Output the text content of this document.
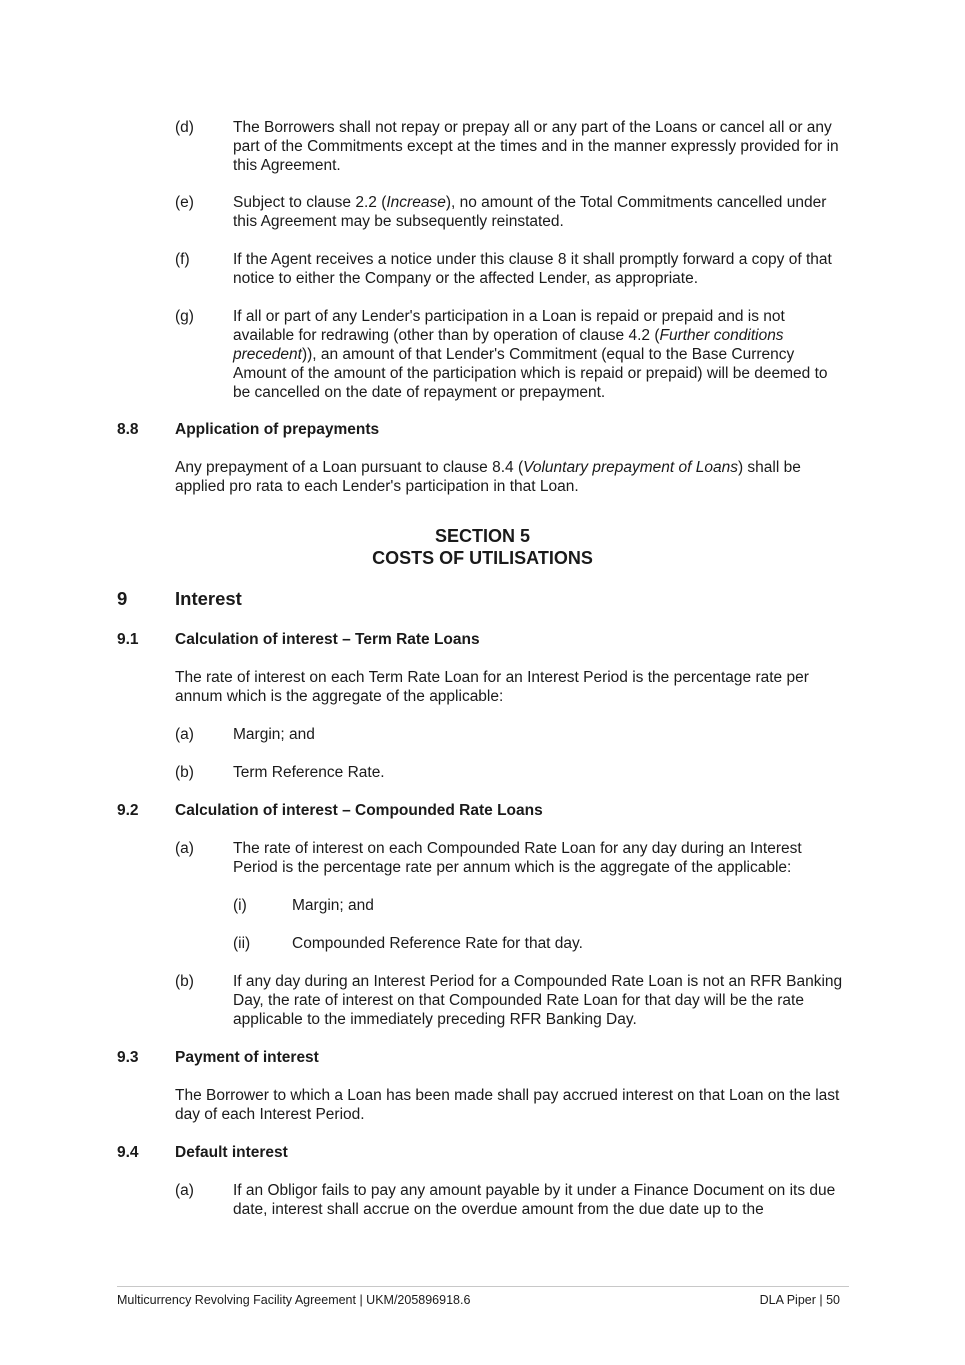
(d)	The Borrowers shall not repay or prepay all or any part of the Loans or cancel all or any part of the Commitments except at the times and in the manner expressly provided for in this Agreement.
(e)	Subject to clause 2.2 (Increase), no amount of the Total Commitments cancelled under this Agreement may be subsequently reinstated.
(f)	If the Agent receives a notice under this clause 8 it shall promptly forward a copy of that notice to either the Company or the affected Lender, as appropriate.
(g)	If all or part of any Lender's participation in a Loan is repaid or prepaid and is not available for redrawing (other than by operation of clause 4.2 (Further conditions precedent)), an amount of that Lender's Commitment (equal to the Base Currency Amount of the amount of the participation which is repaid or prepaid) will be deemed to be cancelled on the date of repayment or prepayment.
8.8 Application of prepayments
Any prepayment of a Loan pursuant to clause 8.4 (Voluntary prepayment of Loans) shall be applied pro rata to each Lender's participation in that Loan.
SECTION 5
COSTS OF UTILISATIONS
9	Interest
9.1 Calculation of interest – Term Rate Loans
The rate of interest on each Term Rate Loan for an Interest Period is the percentage rate per annum which is the aggregate of the applicable:
(a)	Margin; and
(b)	Term Reference Rate.
9.2 Calculation of interest – Compounded Rate Loans
(a)	The rate of interest on each Compounded Rate Loan for any day during an Interest Period is the percentage rate per annum which is the aggregate of the applicable:
(i)	Margin; and
(ii)	Compounded Reference Rate for that day.
(b)	If any day during an Interest Period for a Compounded Rate Loan is not an RFR Banking Day, the rate of interest on that Compounded Rate Loan for that day will be the rate applicable to the immediately preceding RFR Banking Day.
9.3 Payment of interest
The Borrower to which a Loan has been made shall pay accrued interest on that Loan on the last day of each Interest Period.
9.4 Default interest
(a)	If an Obligor fails to pay any amount payable by it under a Finance Document on its due date, interest shall accrue on the overdue amount from the due date up to the
Multicurrency Revolving Facility Agreement | UKM/205896918.6	DLA Piper | 50
